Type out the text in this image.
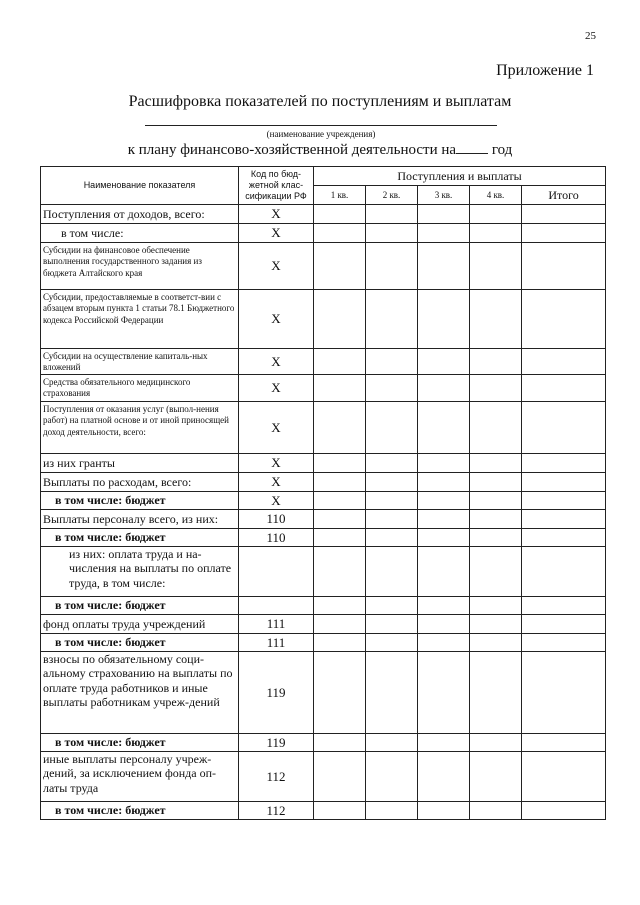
25
Приложение 1
Расшифровка показателей по поступлениям и выплатам
(наименование учреждения)
к плану финансово-хозяйственной деятельности на год
Наименование показателя	Код по бюд-жетной клас-сификации РФ	Поступления и выплаты				
		1 кв.	2 кв.	3 кв.	4 кв.	Итого
Поступления от доходов, всего:	X					
в том числе:	X					
Субсидии на финансовое обеспечение выполнения государственного задания из бюджета Алтайского края	X					
Субсидии, предоставляемые в соответст-вии с абзацем вторым пункта 1 статьи 78.1 Бюджетного кодекса Российской Федерации	X					
Субсидии на осуществление капиталь-ных вложений	X					
Средства обязательного медицинского страхования	X					
Поступления от оказания услуг (выпол-нения работ) на платной основе и от иной приносящей доход деятельности, всего:	X					
из них гранты	X					
Выплаты по расходам, всего:	X					
в том числе: бюджет	X					
Выплаты персоналу всего, из них:	110					
в том числе: бюджет	110					
из них: оплата труда и на-числения на выплаты по оплате труда, в том числе:						
в том числе: бюджет						
фонд оплаты труда учреждений	111					
в том числе: бюджет	111					
взносы по обязательному соци-альному страхованию на выплаты по оплате труда работников и иные выплаты работникам учреж-дений	119					
в том числе: бюджет	119					
иные выплаты персоналу учреж-дений, за исключением фонда оп-латы труда	112					
в том числе: бюджет	112					
